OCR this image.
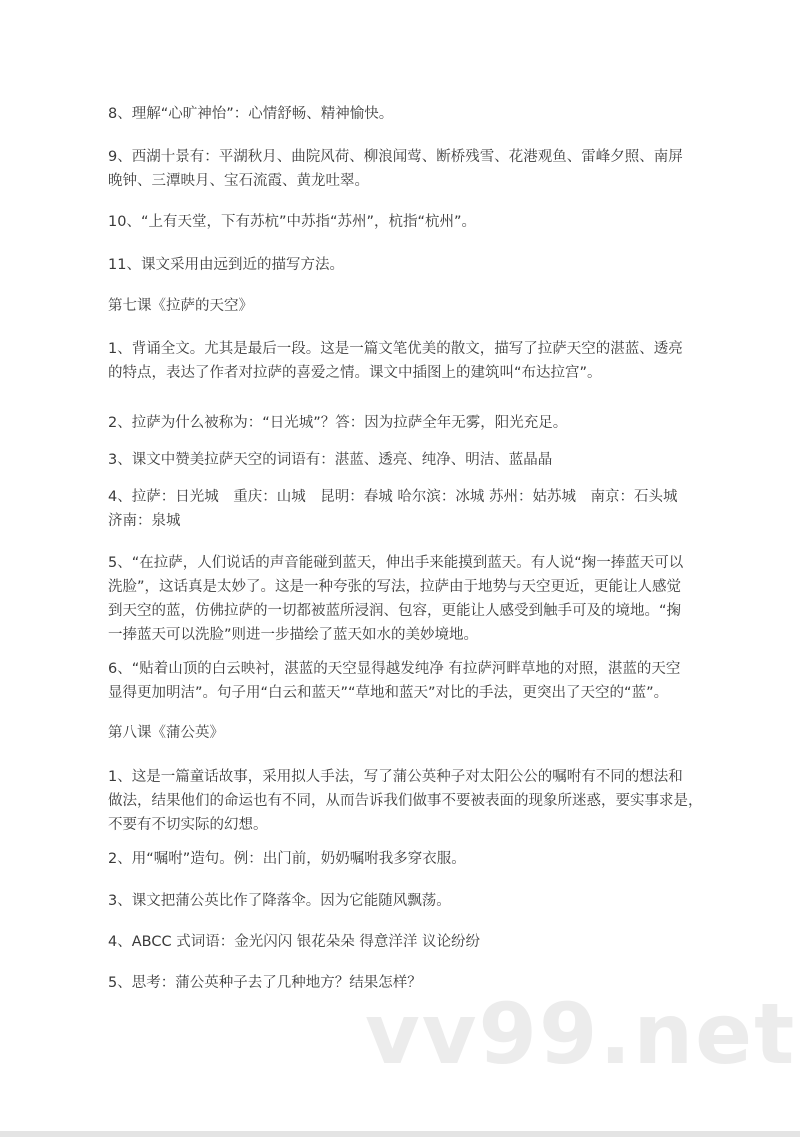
8、理解“心旷神怡”：心情舒畅、精神愉快。
9、西湖十景有：平湖秋月、曲院风荷、柳浪闻莺、断桥残雪、花港观鱼、雷峰夕照、南屏
晚钟、三潭映月、宝石流霞、黄龙吐翠。
10、“上有天堂，下有苏杭”中苏指“苏州”，杭指“杭州”。
11、课文采用由远到近的描写方法。
第七课《拉萨的天空》
1、背诵全文。尤其是最后一段。这是一篇文笔优美的散文，描写了拉萨天空的湛蓝、透亮
的特点，表达了作者对拉萨的喜爱之情。课文中插图上的建筑叫“布达拉宫”。
2、拉萨为什么被称为：“日光城”？答：因为拉萨全年无雾，阳光充足。
3、课文中赞美拉萨天空的词语有：湛蓝、透亮、纯净、明洁、蓝晶晶
4、拉萨：日光城　重庆：山城　昆明：春城 哈尔滨：冰城 苏州：姑苏城　南京：石头城
济南：泉城
5、“在拉萨，人们说话的声音能碰到蓝天，伸出手来能摸到蓝天。有人说“掬一捧蓝天可以
洗脸”，这话真是太妙了。这是一种夸张的写法，拉萨由于地势与天空更近，更能让人感觉
到天空的蓝，仿佛拉萨的一切都被蓝所浸润、包容，更能让人感受到触手可及的境地。“掬
一捧蓝天可以洗脸”则进一步描绘了蓝天如水的美妙境地。
6、“贴着山顶的白云映衬，湛蓝的天空显得越发纯净 有拉萨河畔草地的对照，湛蓝的天空
显得更加明洁”。句子用“白云和蓝天”“草地和蓝天”对比的手法，更突出了天空的“蓝”。
第八课《蒲公英》
1、这是一篇童话故事，采用拟人手法，写了蒲公英种子对太阳公公的嘱咐有不同的想法和
做法，结果他们的命运也有不同，从而告诉我们做事不要被表面的现象所迷惑，要实事求是，
不要有不切实际的幻想。
2、用“嘱咐”造句。例：出门前，奶奶嘱咐我多穿衣服。
3、课文把蒲公英比作了降落伞。因为它能随风飘荡。
4、ABCC 式词语：金光闪闪 银花朵朵 得意洋洋 议论纷纷
5、思考：蒲公英种子去了几种地方？结果怎样？
vv99.net
